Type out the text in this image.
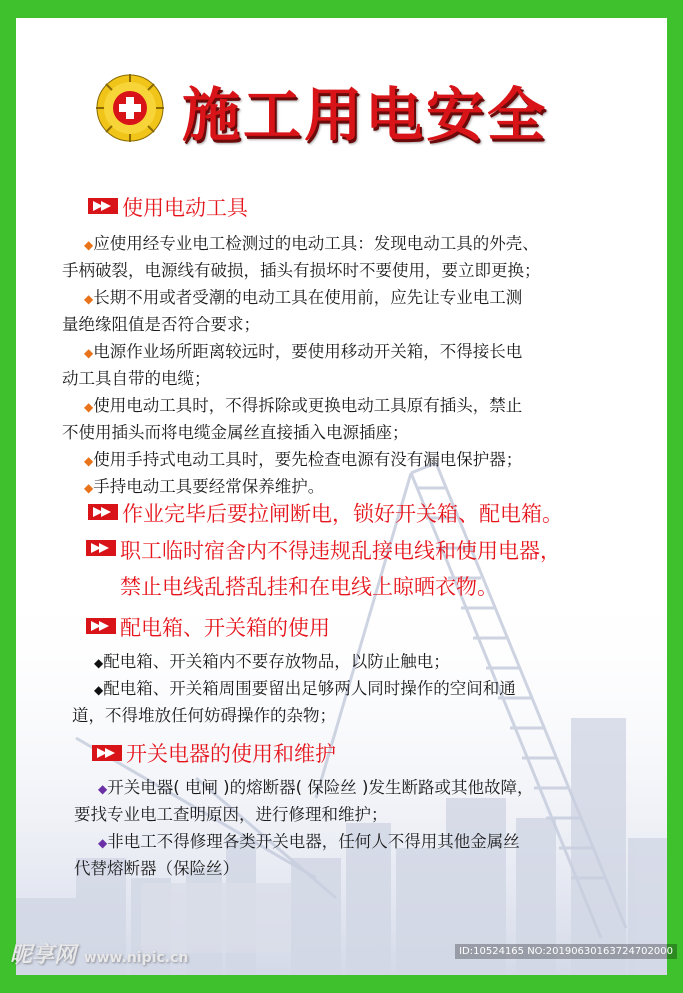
施工用电安全
使用电动工具
◆应使用经专业电工检测过的电动工具：发现电动工具的外壳、
手柄破裂，电源线有破损，插头有损坏时不要使用，要立即更换；
◆长期不用或者受潮的电动工具在使用前，应先让专业电工测
量绝缘阻值是否符合要求；
◆电源作业场所距离较远时，要使用移动开关箱，不得接长电
动工具自带的电缆；
◆使用电动工具时，不得拆除或更换电动工具原有插头，禁止
不使用插头而将电缆金属丝直接插入电源插座；
◆使用手持式电动工具时，要先检查电源有没有漏电保护器；
◆手持电动工具要经常保养维护。
作业完毕后要拉闸断电，锁好开关箱、配电箱。
职工临时宿舍内不得违规乱接电线和使用电器，
禁止电线乱搭乱挂和在电线上晾晒衣物。
配电箱、开关箱的使用
◆配电箱、开关箱内不要存放物品，以防止触电；
◆配电箱、开关箱周围要留出足够两人同时操作的空间和通
道，不得堆放任何妨碍操作的杂物；
开关电器的使用和维护
◆开关电器( 电闸 )的熔断器( 保险丝 )发生断路或其他故障，
要找专业电工查明原因，进行修理和维护；
◆非电工不得修理各类开关电器，任何人不得用其他金属丝
代替熔断器（保险丝）
昵享网 www.nipic.cn	ID:10524165 NO:20190630163724702000
